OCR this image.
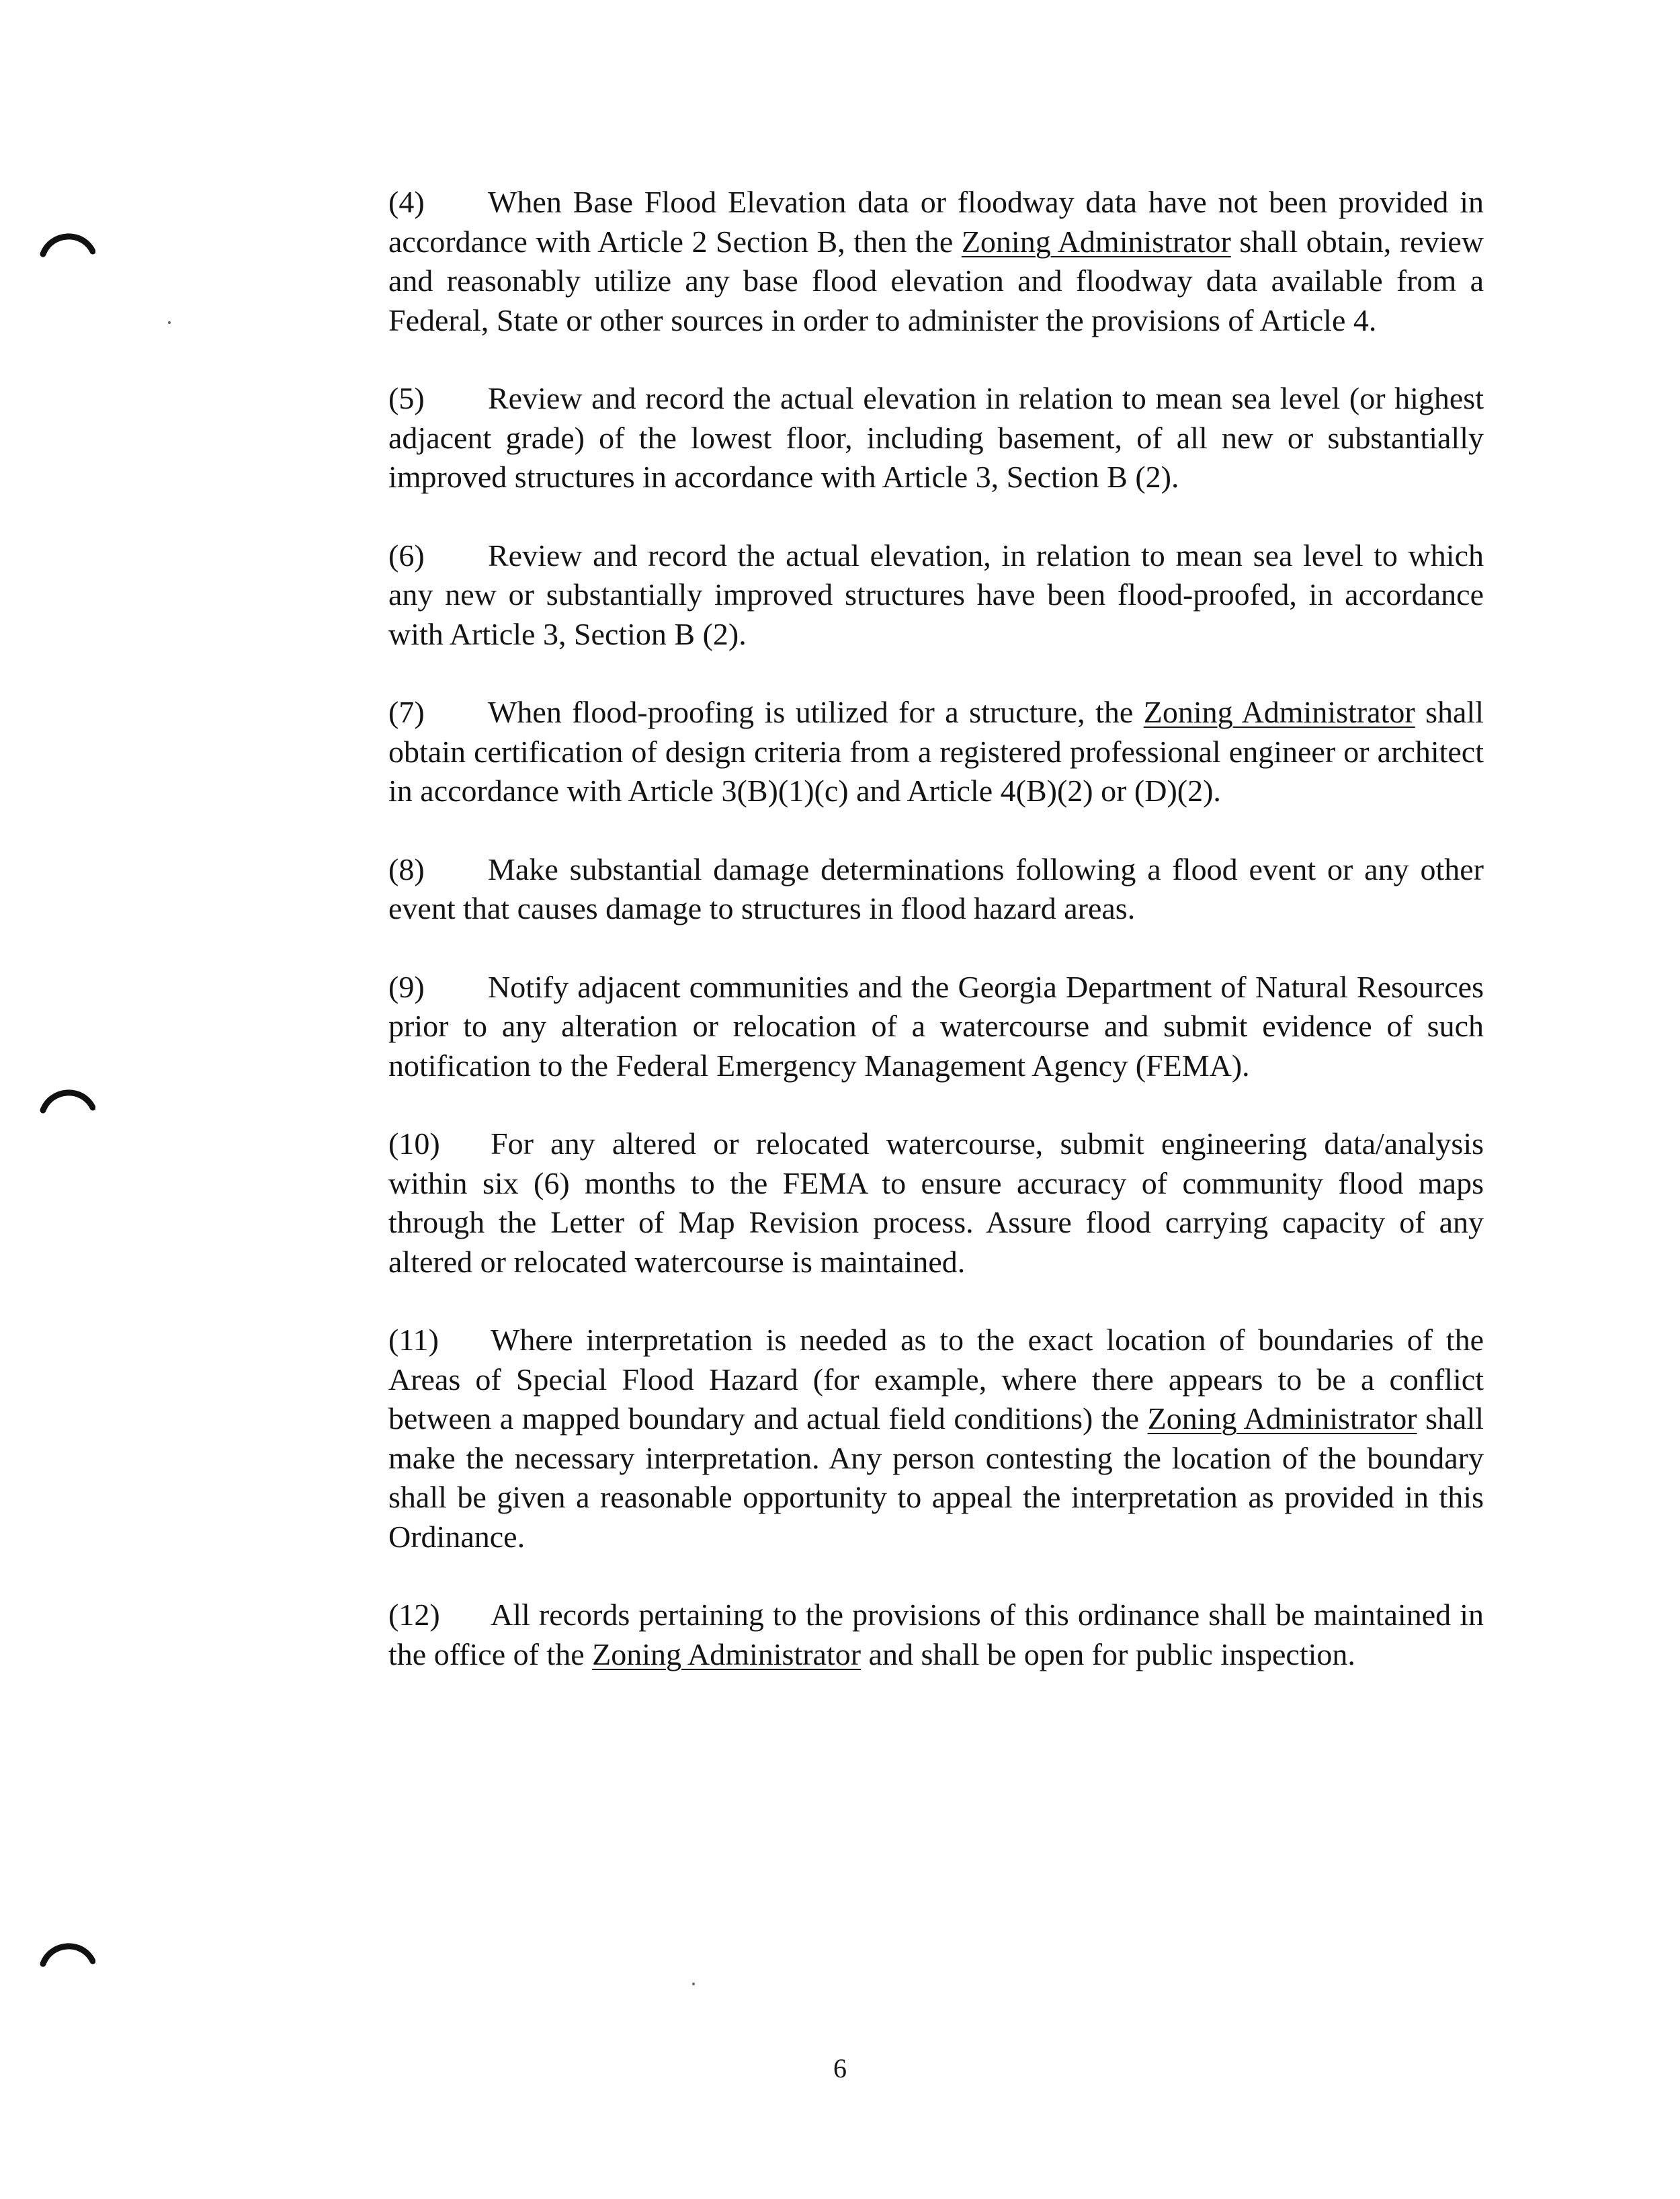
(4) When Base Flood Elevation data or floodway data have not been provided in accordance with Article 2 Section B, then the Zoning Administrator shall obtain, review and reasonably utilize any base flood elevation and floodway data available from a Federal, State or other sources in order to administer the provisions of Article 4.

(5) Review and record the actual elevation in relation to mean sea level (or highest adjacent grade) of the lowest floor, including basement, of all new or substantially improved structures in accordance with Article 3, Section B (2).

(6) Review and record the actual elevation, in relation to mean sea level to which any new or substantially improved structures have been flood-proofed, in accordance with Article 3, Section B (2).

(7) When flood-proofing is utilized for a structure, the Zoning Administrator shall obtain certification of design criteria from a registered professional engineer or architect in accordance with Article 3(B)(1)(c) and Article 4(B)(2) or (D)(2).

(8) Make substantial damage determinations following a flood event or any other event that causes damage to structures in flood hazard areas.

(9) Notify adjacent communities and the Georgia Department of Natural Resources prior to any alteration or relocation of a watercourse and submit evidence of such notification to the Federal Emergency Management Agency (FEMA).

(10) For any altered or relocated watercourse, submit engineering data/analysis within six (6) months to the FEMA to ensure accuracy of community flood maps through the Letter of Map Revision process. Assure flood carrying capacity of any altered or relocated watercourse is maintained.

(11) Where interpretation is needed as to the exact location of boundaries of the Areas of Special Flood Hazard (for example, where there appears to be a conflict between a mapped boundary and actual field conditions) the Zoning Administrator shall make the necessary interpretation. Any person contesting the location of the boundary shall be given a reasonable opportunity to appeal the interpretation as provided in this Ordinance.

(12) All records pertaining to the provisions of this ordinance shall be maintained in the office of the Zoning Administrator and shall be open for public inspection.

6
